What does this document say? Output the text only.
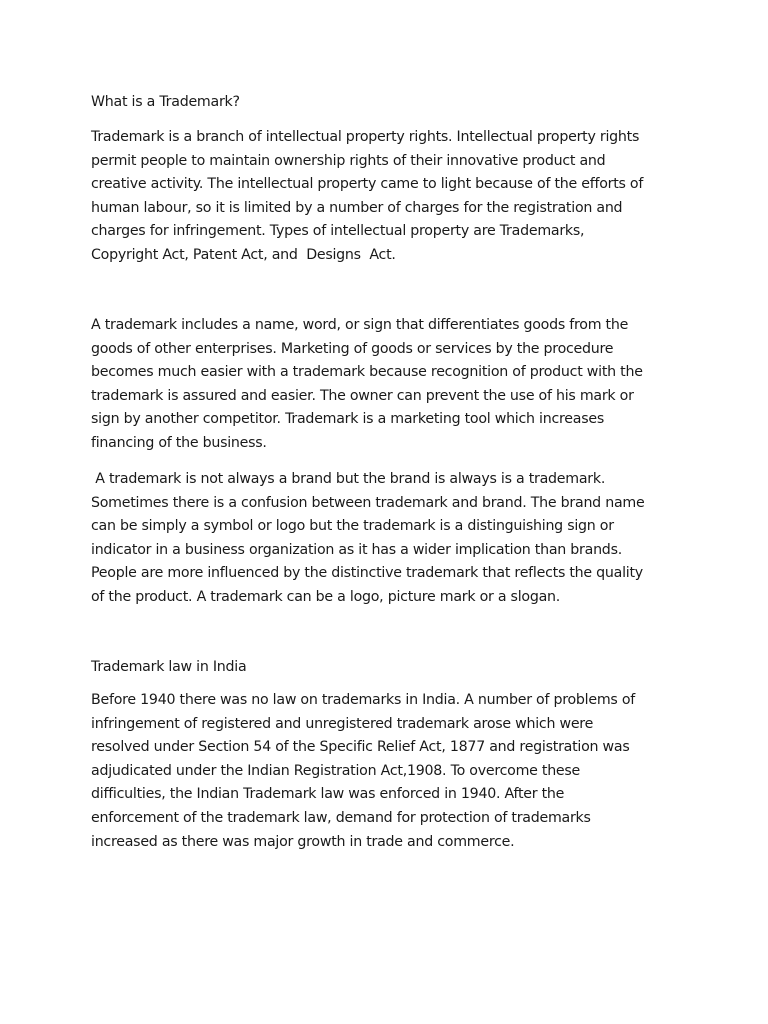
What is a Trademark?
Trademark is a branch of intellectual property rights. Intellectual property rights
permit people to maintain ownership rights of their innovative product and
creative activity. The intellectual property came to light because of the efforts of
human labour, so it is limited by a number of charges for the registration and
charges for infringement. Types of intellectual property are Trademarks,
Copyright Act, Patent Act, and  Designs  Act.
A trademark includes a name, word, or sign that differentiates goods from the
goods of other enterprises. Marketing of goods or services by the procedure
becomes much easier with a trademark because recognition of product with the
trademark is assured and easier. The owner can prevent the use of his mark or
sign by another competitor. Trademark is a marketing tool which increases
financing of the business.
A trademark is not always a brand but the brand is always is a trademark.
Sometimes there is a confusion between trademark and brand. The brand name
can be simply a symbol or logo but the trademark is a distinguishing sign or
indicator in a business organization as it has a wider implication than brands.
People are more influenced by the distinctive trademark that reflects the quality
of the product. A trademark can be a logo, picture mark or a slogan.
Trademark law in India
Before 1940 there was no law on trademarks in India. A number of problems of
infringement of registered and unregistered trademark arose which were
resolved under Section 54 of the Specific Relief Act, 1877 and registration was
adjudicated under the Indian Registration Act,1908. To overcome these
difficulties, the Indian Trademark law was enforced in 1940. After the
enforcement of the trademark law, demand for protection of trademarks
increased as there was major growth in trade and commerce.
